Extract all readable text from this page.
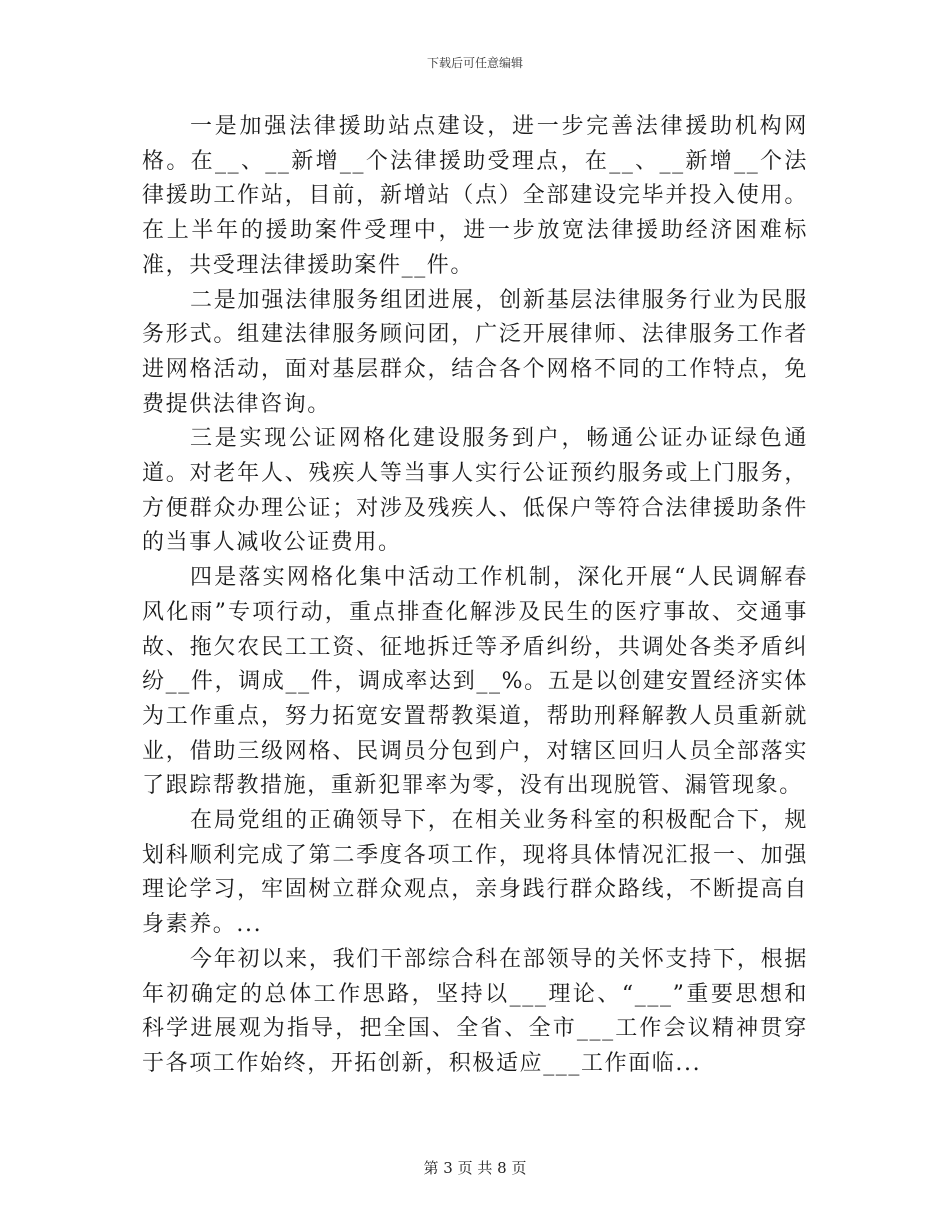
下载后可任意编辑

一是加强法律援助站点建设，进一步完善法律援助机构网格。在__、__新增__个法律援助受理点，在__、__新增__个法律援助工作站，目前，新增站（点）全部建设完毕并投入使用。在上半年的援助案件受理中，进一步放宽法律援助经济困难标准，共受理法律援助案件__件。

二是加强法律服务组团进展，创新基层法律服务行业为民服务形式。组建法律服务顾问团，广泛开展律师、法律服务工作者进网格活动，面对基层群众，结合各个网格不同的工作特点，免费提供法律咨询。

三是实现公证网格化建设服务到户，畅通公证办证绿色通道。对老年人、残疾人等当事人实行公证预约服务或上门服务，方便群众办理公证；对涉及残疾人、低保户等符合法律援助条件的当事人减收公证费用。

四是落实网格化集中活动工作机制，深化开展“人民调解春风化雨”专项行动，重点排查化解涉及民生的医疗事故、交通事故、拖欠农民工工资、征地拆迁等矛盾纠纷，共调处各类矛盾纠纷__件，调成__件，调成率达到__%。五是以创建安置经济实体为工作重点，努力拓宽安置帮教渠道，帮助刑释解教人员重新就业，借助三级网格、民调员分包到户，对辖区回归人员全部落实了跟踪帮教措施，重新犯罪率为零，没有出现脱管、漏管现象。

在局党组的正确领导下，在相关业务科室的积极配合下，规划科顺利完成了第二季度各项工作，现将具体情况汇报一、加强理论学习，牢固树立群众观点，亲身践行群众路线，不断提高自身素养。...

今年初以来，我们干部综合科在部领导的关怀支持下，根据年初确定的总体工作思路，坚持以___理论、“___”重要思想和科学进展观为指导，把全国、全省、全市___工作会议精神贯穿于各项工作始终，开拓创新，积极适应___工作面临...

第 3 页 共 8 页
